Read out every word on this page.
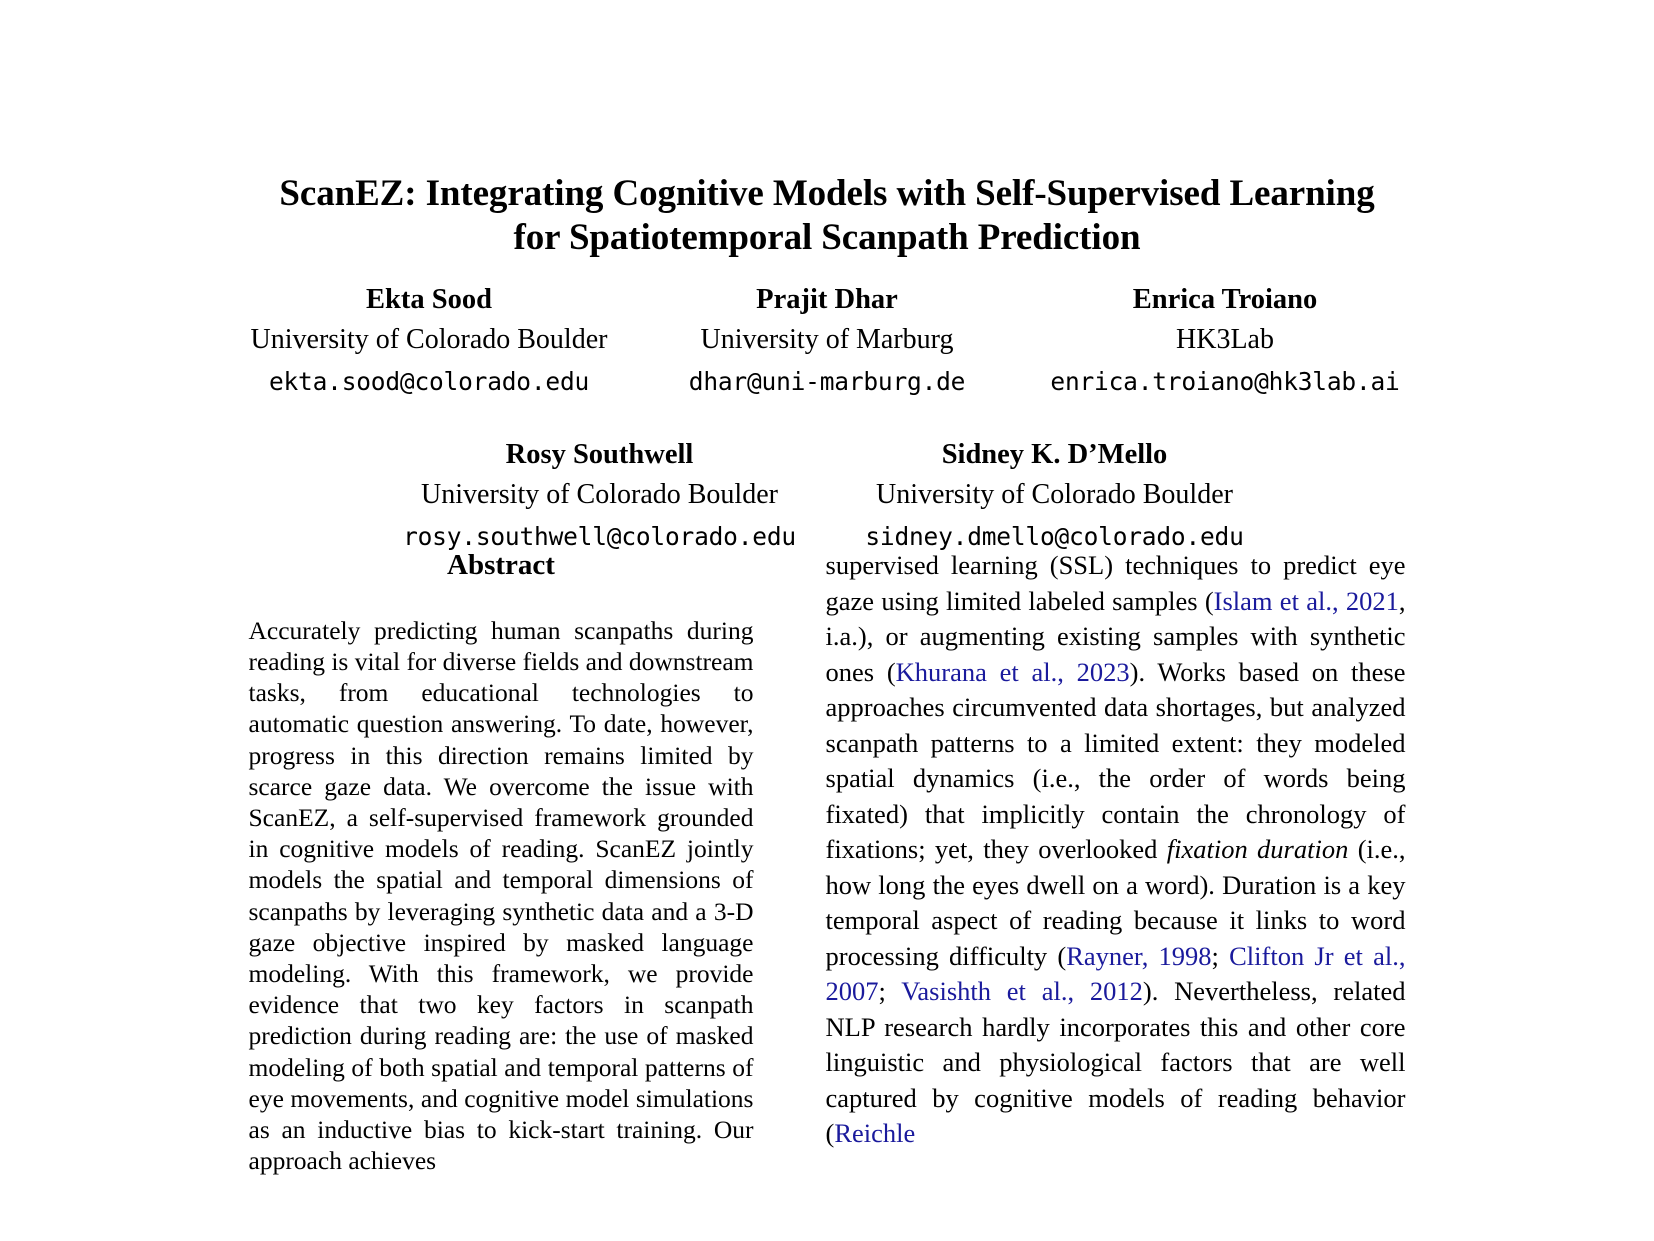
ScanEZ: Integrating Cognitive Models with Self-Supervised Learning
for Spatiotemporal Scanpath Prediction
Ekta Sood
University of Colorado Boulder
ekta.sood@colorado.edu
Prajit Dhar
University of Marburg
dhar@uni-marburg.de
Enrica Troiano
HK3Lab
enrica.troiano@hk3lab.ai
Rosy Southwell
University of Colorado Boulder
rosy.southwell@colorado.edu
Sidney K. D’Mello
University of Colorado Boulder
sidney.dmello@colorado.edu
Abstract

Accurately predicting human scanpaths during reading is vital for diverse fields and downstream tasks, from educational technologies to automatic question answering. To date, however, progress in this direction remains limited by scarce gaze data. We overcome the issue with ScanEZ, a self-supervised framework grounded in cognitive models of reading. ScanEZ jointly models the spatial and temporal dimensions of scanpaths by leveraging synthetic data and a 3-D gaze objective inspired by masked language modeling. With this framework, we provide evidence that two key factors in scanpath prediction during reading are: the use of masked modeling of both spatial and temporal patterns of eye movements, and cognitive model simulations as an inductive bias to kick-start training. Our approach achieves

supervised learning (SSL) techniques to predict eye gaze using limited labeled samples (Islam et al., 2021, i.a.), or augmenting existing samples with synthetic ones (Khurana et al., 2023). Works based on these approaches circumvented data shortages, but analyzed scanpath patterns to a limited extent: they modeled spatial dynamics (i.e., the order of words being fixated) that implicitly contain the chronology of fixations; yet, they overlooked fixation duration (i.e., how long the eyes dwell on a word). Duration is a key temporal aspect of reading because it links to word processing difficulty (Rayner, 1998; Clifton Jr et al., 2007; Vasishth et al., 2012). Nevertheless, related NLP research hardly incorporates this and other core linguistic and physiological factors that are well captured by cognitive models of reading behavior (Reichle
